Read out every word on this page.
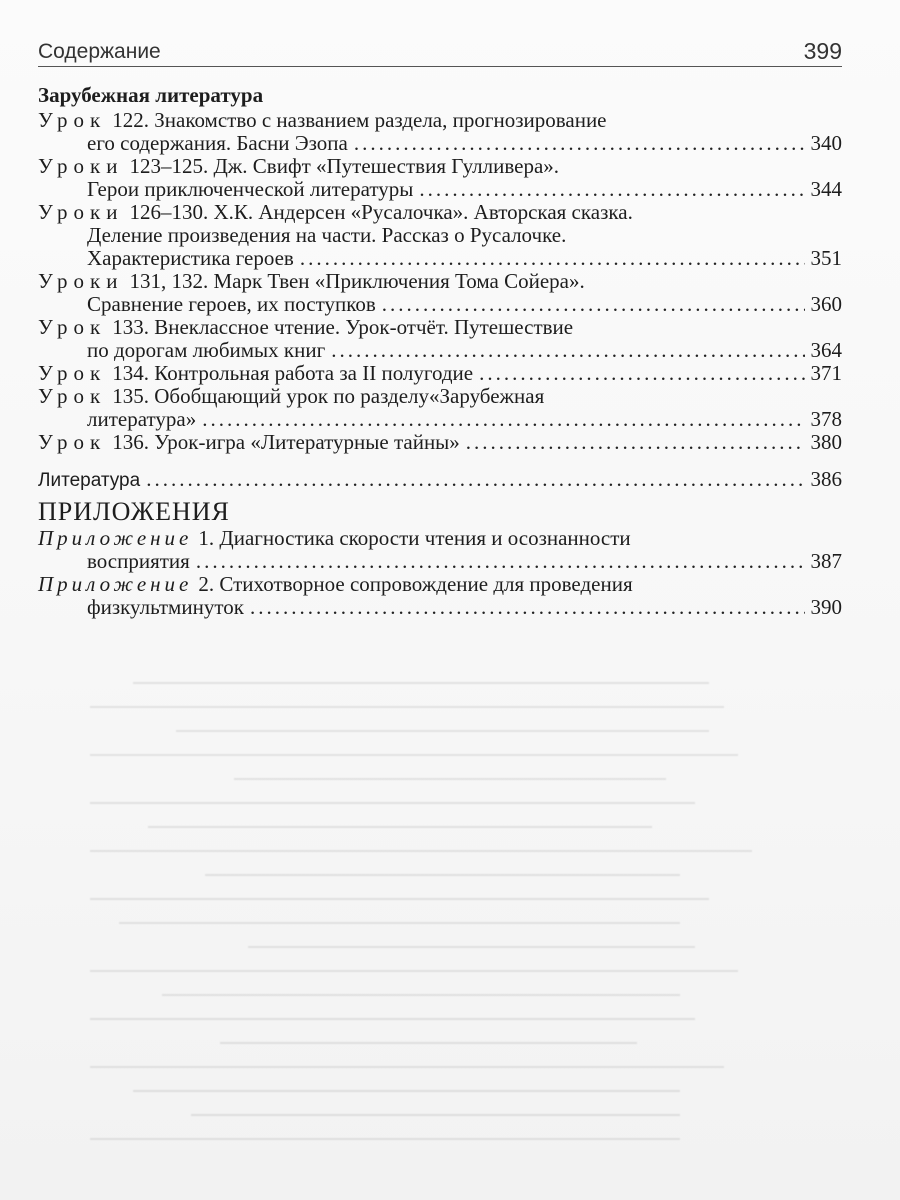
Содержание	399
Зарубежная литература
Урок 122. Знакомство с названием раздела, прогнозирование
его содержания. Басни Эзопа .....	340
Уроки 123–125. Дж. Свифт «Путешествия Гулливера».
Герои приключенческой литературы .....	344
Уроки 126–130. Х.К. Андерсен «Русалочка». Авторская сказка.
Деление произведения на части. Рассказ о Русалочке.
Характеристика героев .....	351
Уроки 131, 132. Марк Твен «Приключения Тома Сойера».
Сравнение героев, их поступков .....	360
Урок 133. Внеклассное чтение. Урок-отчёт. Путешествие
по дорогам любимых книг .....	364
Урок 134. Контрольная работа за II полугодие .....	371
Урок 135. Обобщающий урок по разделу«Зарубежная
литература» .....	378
Урок 136. Урок-игра «Литературные тайны» .....	380
Литература .....	386
ПРИЛОЖЕНИЯ
Приложение 1. Диагностика скорости чтения и осознанности
восприятия .....	387
Приложение 2. Стихотворное сопровождение для проведения
физкультминуток .....	390
